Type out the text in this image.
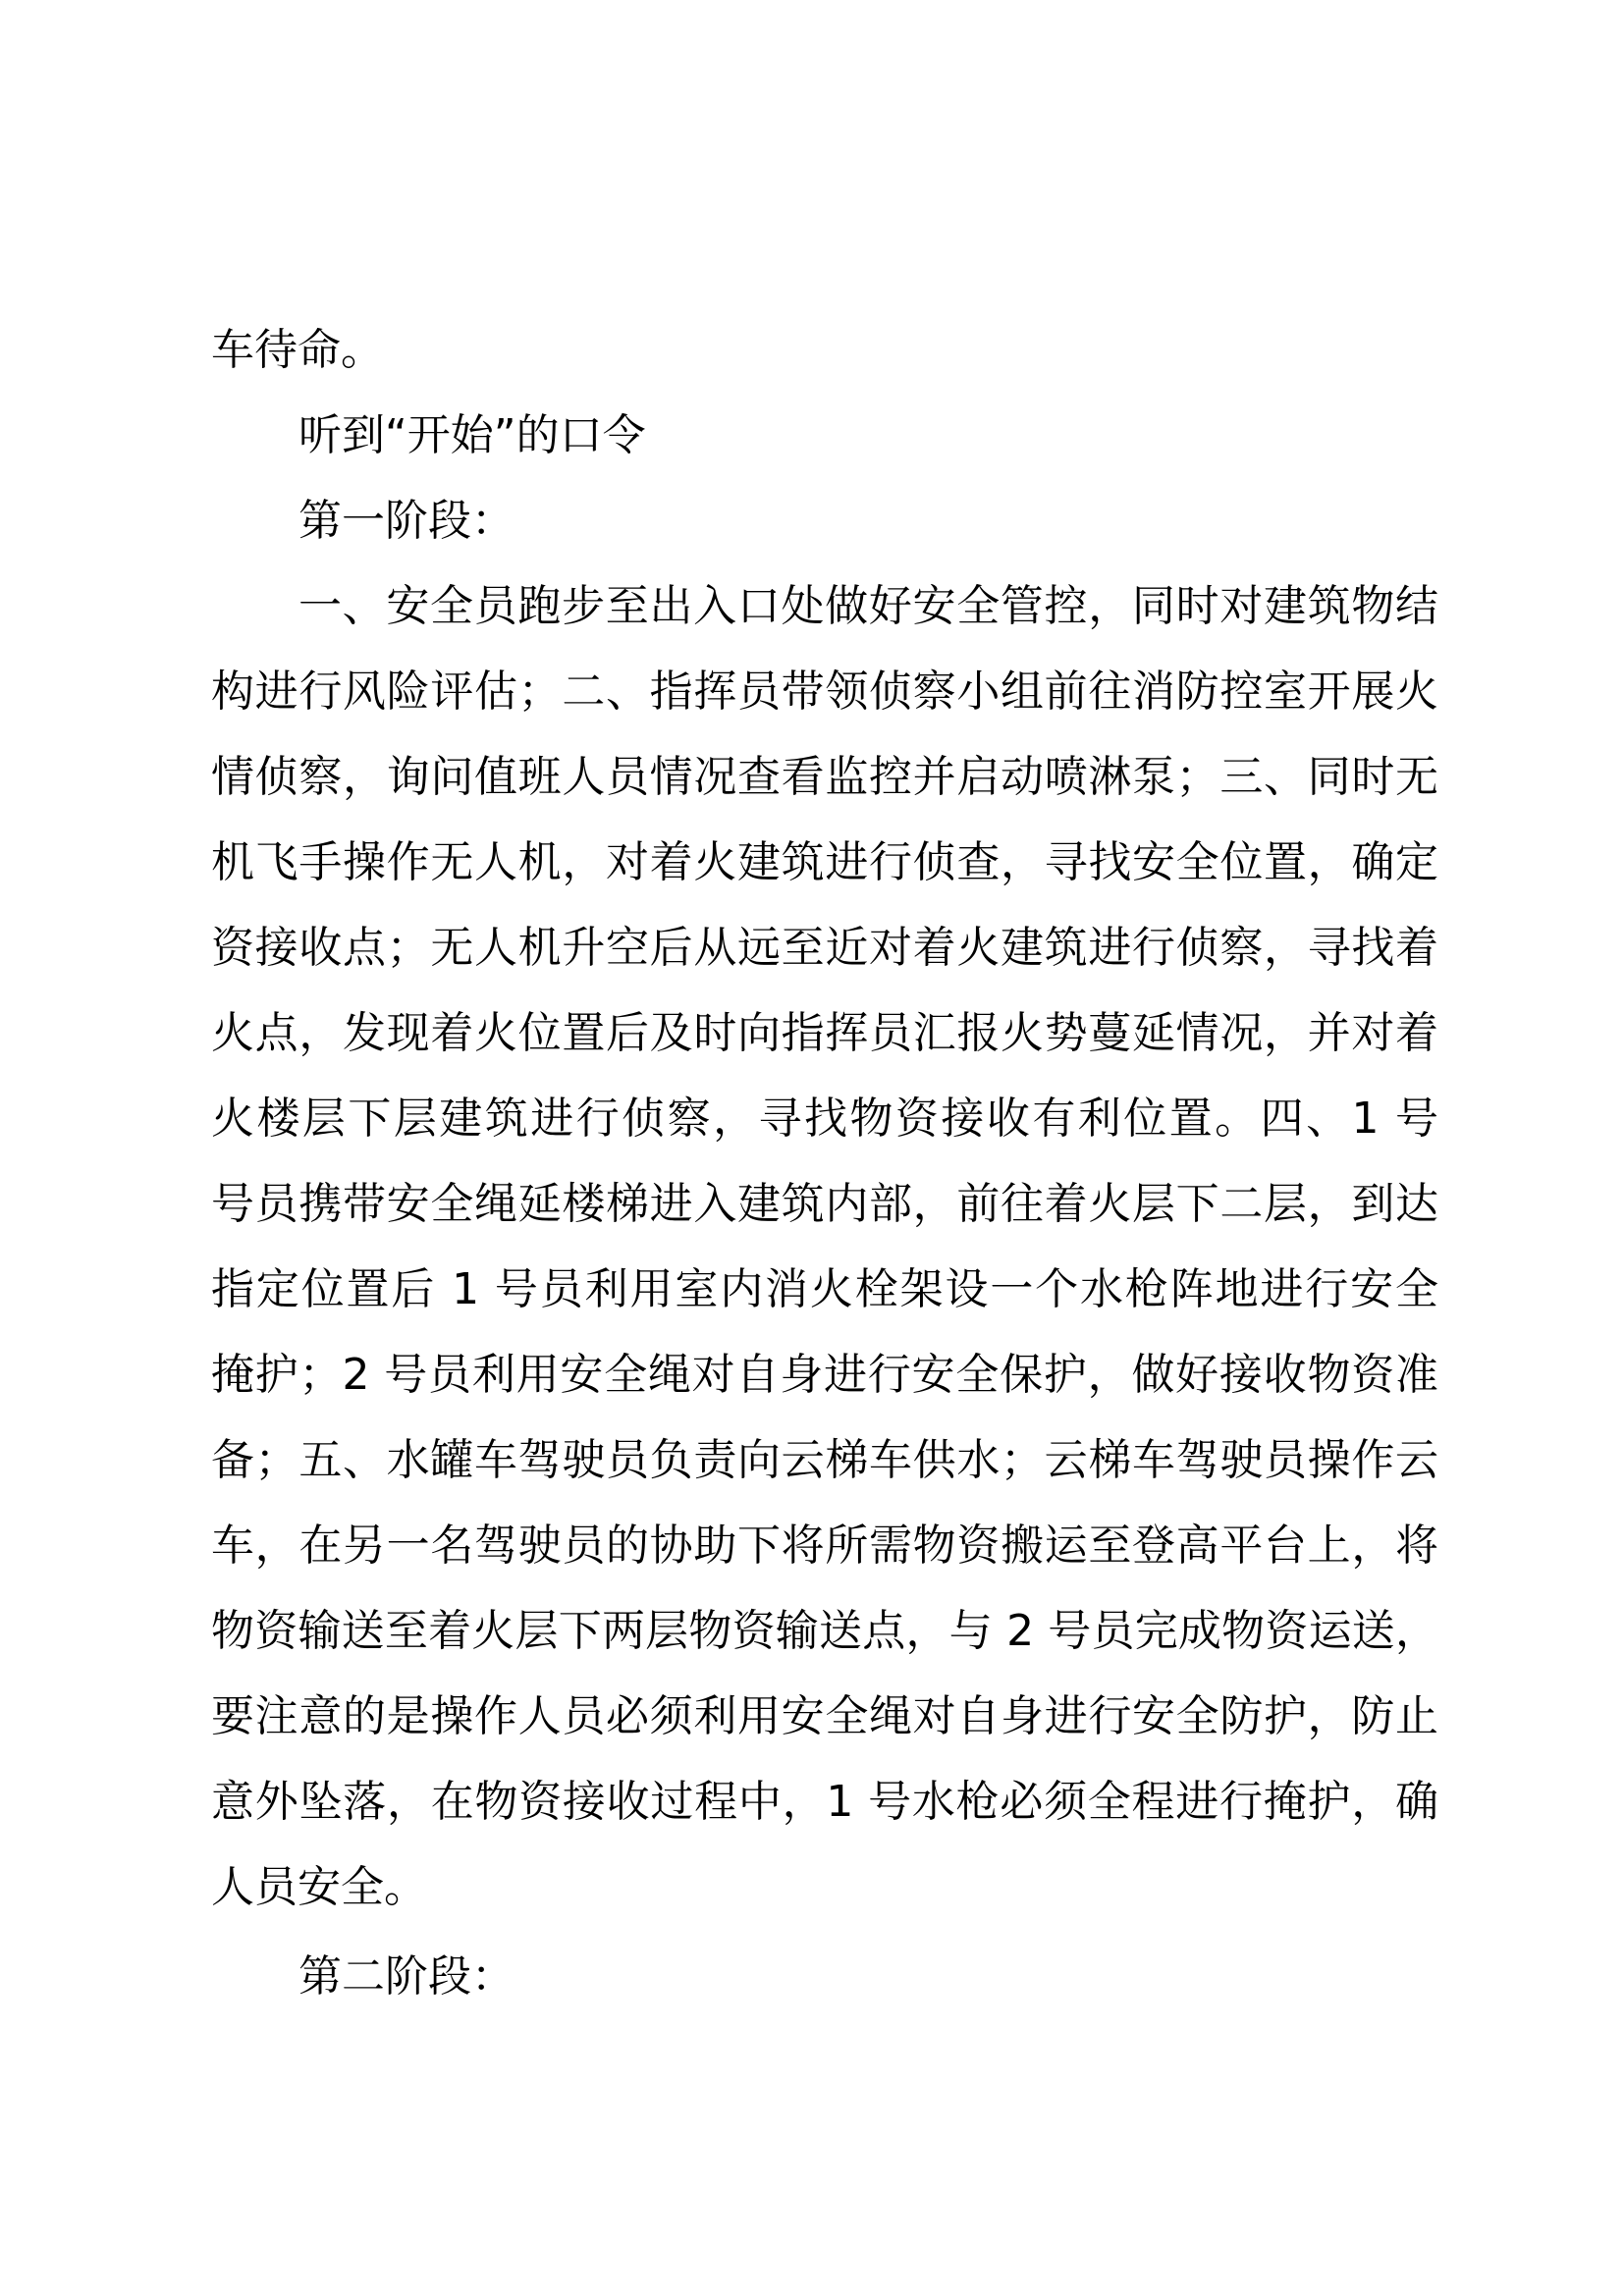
车待命。
听到“开始”的口令
第一阶段：
一、安全员跑步至出入口处做好安全管控，同时对建筑物结
构进行风险评估；二、指挥员带领侦察小组前往消防控室开展火
情侦察，询问值班人员情况查看监控并启动喷淋泵；三、同时无
机飞手操作无人机，对着火建筑进行侦查，寻找安全位置，确定
资接收点；无人机升空后从远至近对着火建筑进行侦察，寻找着
火点，发现着火位置后及时向指挥员汇报火势蔓延情况，并对着
火楼层下层建筑进行侦察，寻找物资接收有利位置。四、1 号
号员携带安全绳延楼梯进入建筑内部，前往着火层下二层，到达
指定位置后 1 号员利用室内消火栓架设一个水枪阵地进行安全
掩护；2 号员利用安全绳对自身进行安全保护，做好接收物资准
备；五、水罐车驾驶员负责向云梯车供水；云梯车驾驶员操作云
车，在另一名驾驶员的协助下将所需物资搬运至登高平台上，将
物资输送至着火层下两层物资输送点，与 2 号员完成物资运送，
要注意的是操作人员必须利用安全绳对自身进行安全防护，防止
意外坠落，在物资接收过程中，1 号水枪必须全程进行掩护，确
人员安全。
第二阶段：
